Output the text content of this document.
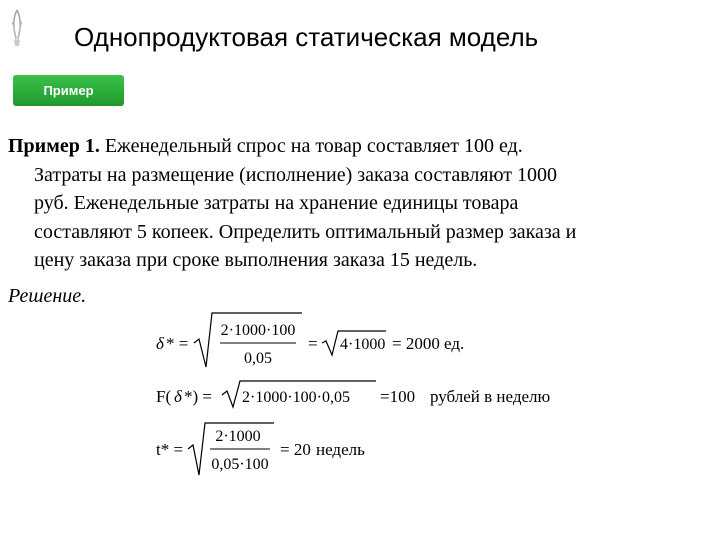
Однопродуктовая статическая модель
Пример
Пример 1. Еженедельный спрос на товар составляет 100 ед.
Затраты на размещение (исполнение) заказа составляют 1000
руб. Еженедельные затраты на хранение единицы товара
составляют 5 копеек. Определить оптимальный размер заказа и
цену заказа при сроке выполнения заказа 15 недель.
Решение.
δ * =
2·1000·100
0,05
= 4·1000 = 2000 ед.
F( δ *) = 2·1000·100·0,05 =100 рублей в неделю
t* =
2·1000
0,05·100
= 20 недель
